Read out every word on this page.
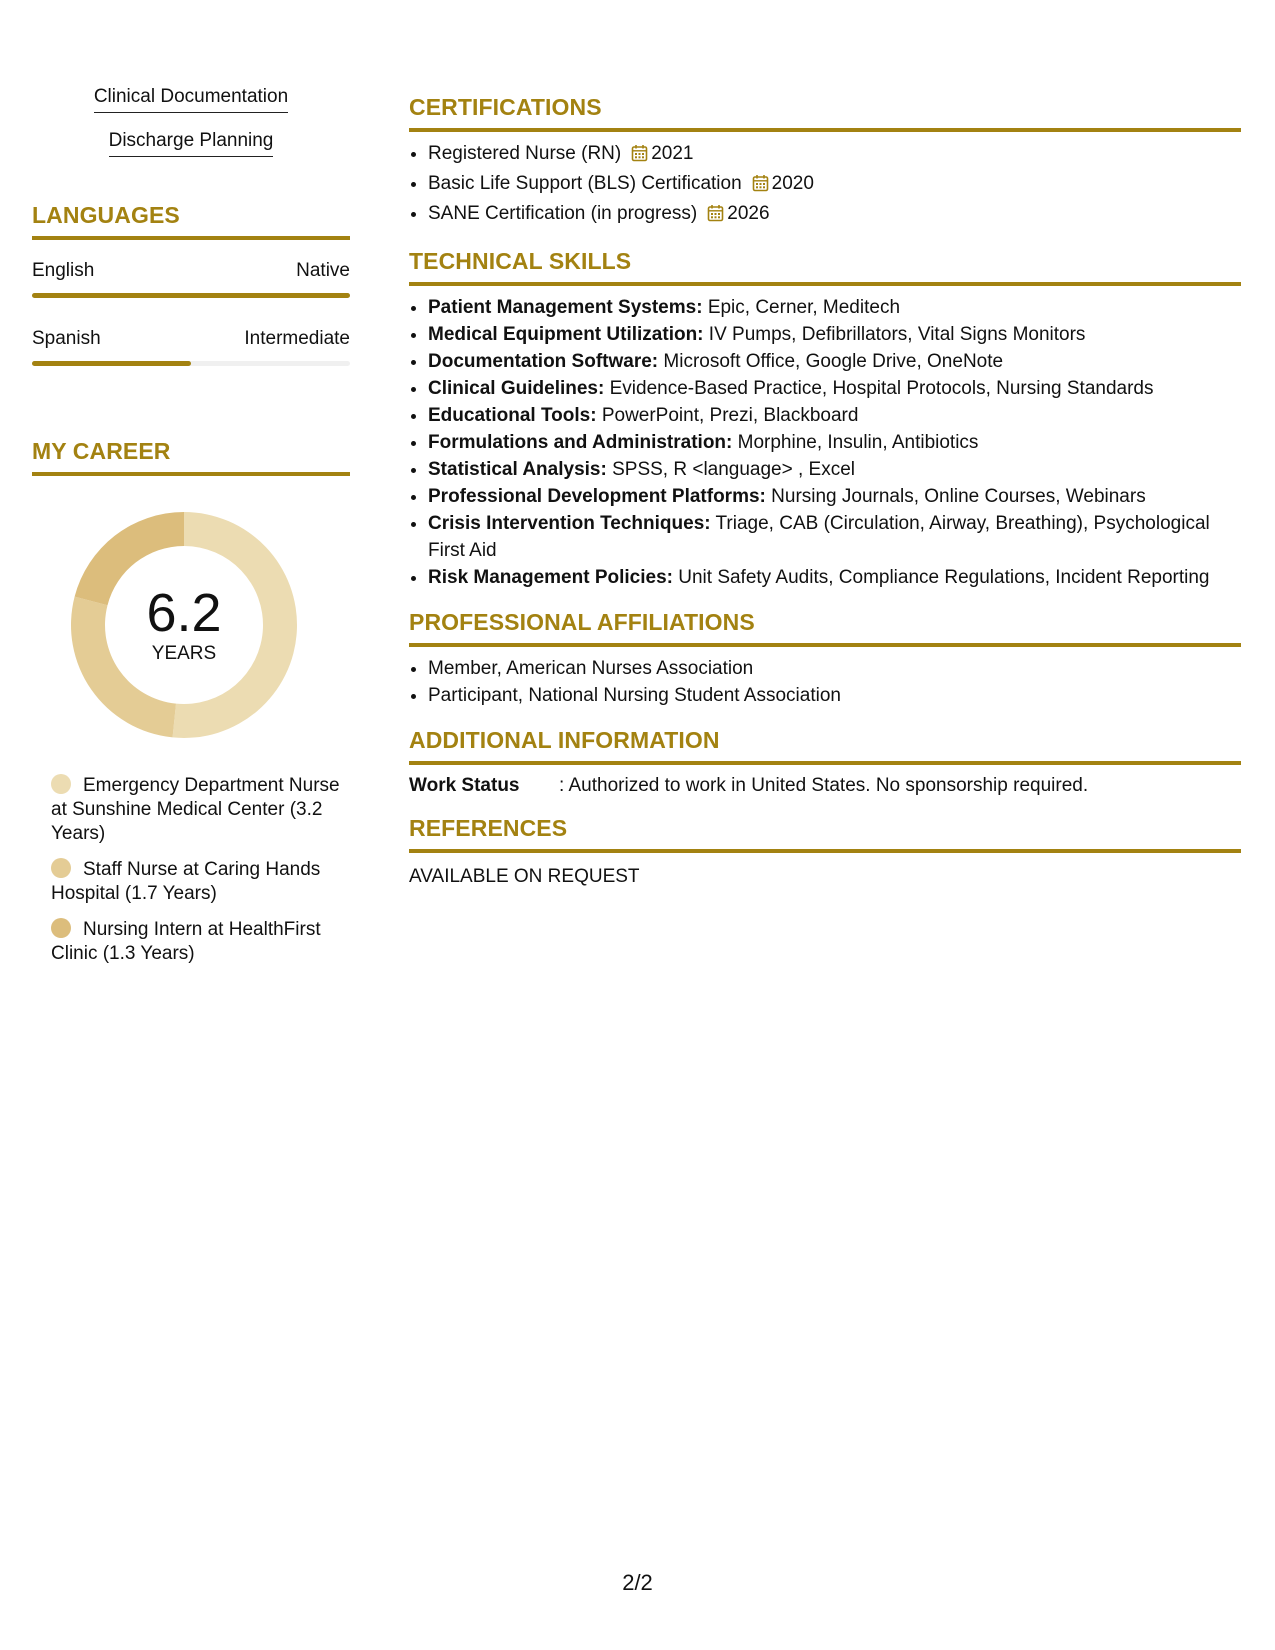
Clinical Documentation
Discharge Planning
LANGUAGES
English	Native
Spanish	Intermediate
MY CAREER
6.2
YEARS
Emergency Department Nurse at Sunshine Medical Center (3.2 Years)
Staff Nurse at Caring Hands Hospital (1.7 Years)
Nursing Intern at HealthFirst Clinic (1.3 Years)
CERTIFICATIONS
• Registered Nurse (RN) 2021
• Basic Life Support (BLS) Certification 2020
• SANE Certification (in progress) 2026
TECHNICAL SKILLS
• Patient Management Systems: Epic, Cerner, Meditech
• Medical Equipment Utilization: IV Pumps, Defibrillators, Vital Signs Monitors
• Documentation Software: Microsoft Office, Google Drive, OneNote
• Clinical Guidelines: Evidence-Based Practice, Hospital Protocols, Nursing Standards
• Educational Tools: PowerPoint, Prezi, Blackboard
• Formulations and Administration: Morphine, Insulin, Antibiotics
• Statistical Analysis: SPSS, R <language> , Excel
• Professional Development Platforms: Nursing Journals, Online Courses, Webinars
• Crisis Intervention Techniques: Triage, CAB (Circulation, Airway, Breathing), Psychological First Aid
• Risk Management Policies: Unit Safety Audits, Compliance Regulations, Incident Reporting
PROFESSIONAL AFFILIATIONS
• Member, American Nurses Association
• Participant, National Nursing Student Association
ADDITIONAL INFORMATION
Work Status	: Authorized to work in United States. No sponsorship required.
REFERENCES
AVAILABLE ON REQUEST
2/2
